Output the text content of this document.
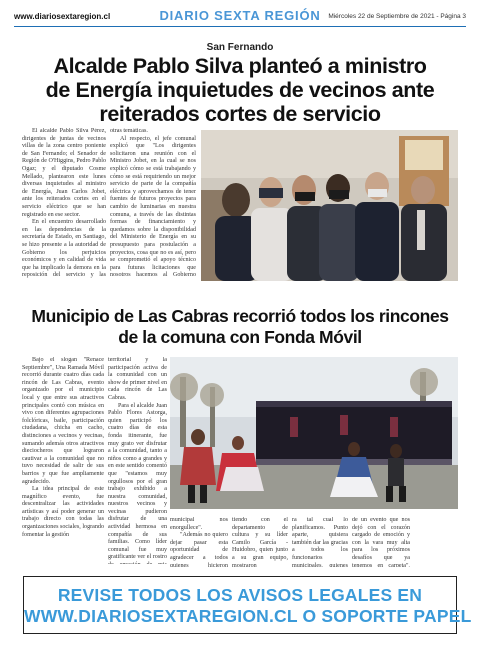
www.diariosextaregion.cl	DIARIO SEXTA REGIÓN	Miércoles 22 de Septiembre de 2021 - Página 3
San Fernando
Alcalde Pablo Silva planteó a ministro
de Energía inquietudes de vecinos ante
reiterados cortes de servicio

El alcalde Pablo Silva Pérez, dirigentes de juntas de vecinos villas de la zona centro poniente de San Fernando; el Senador de Región de O'Higgins, Pedro Pablo Ogaz; y el diputado Cosme Mellado, plantearon este lunes diversas inquietudes al ministro de Energía, Juan Carlos Jobet, ante los reiterados cortes en el servicio eléctrico que se han registrado en ese sector.

En el encuentro desarrollado en las dependencias de la secretaría de Estado, en Santiago, se hizo presente a la autoridad de Gobierno los perjuicios económicos y en calidad de vida que ha implicado la demora en la reposición del servicio y las

otras temáticas.

Al respecto, el jefe comunal explicó que "Los dirigentes solicitaron una reunión con el Ministro Jobet, en la cual se nos explicó cómo se está trabajando y cómo se está requiriendo un mejor servicio de parte de la compañía eléctrica y aprovechamos de tener fuentes de futuros proyectos para cambio de luminarias en nuestra comuna, a través de las distintas formas de financiamiento y quedamos sobre la disponibilidad del Ministerio de Energía en su presupuesto para postulación a proyectos, cosa que no es así, pero se comprometió el apoyo técnico para futuras licitaciones que nosotros hacemos al Gobierno

Municipio de Las Cabras recorrió todos los rincones
de la comuna con Fonda Móvil

Bajo el slogan "Renace Septiembre", Una Ramada Móvil recorrió durante cuatro días cada rincón de Las Cabras, evento organizado por el municipio local y que entre sus atractivos principales contó con música en vivo con diferentes agrupaciones folclóricas, baile, participación ciudadana, chicha en cacho, distinciones a vecinos y vecinas, sumando además otros atractivos dieciocheros que lograron cautivar a la comunidad que no tuvo necesidad de salir de sus barrios y que fue ampliamente agradecido.

La idea principal de este magnífico evento, fue descentralizar las actividades artísticas y así poder generar un trabajo directo con todas las organizaciones sociales, logrando fomentar la gestión

territorial y la participación activa de la comunidad con un show de primer nivel en cada rincón de Las Cabras.

Para el alcalde Juan Pablo Flores Astorga, quien participó los cuatro días de esta fonda itinerante, fue muy grato ver disfrutar a la comunidad, tanto a niños como a grandes y en este sentido comentó que "estamos muy orgullosos por el gran trabajo exhibido a nuestra comunidad, nuestros vecinos y vecinas pudieron disfrutar de una actividad hermosa en compañía de sus familias. Como líder comunal fue muy gratificante ver el rostro

municipal nos enorgullece".

"Además no quiero dejar pasar esta oportunidad de agradecer a todos quienes hicieron

tiendo con el departamento de cultura y su líder Camilo García -Huidobro, quien junto a su gran equipo, mostraron

ra tal cual lo planificamos. Punto aparte, quisiera también dar las gracias a todos los funcionarios municipales, quienes

de un evento que nos dejó con el corazón cargado de emoción y con la vara muy alta para los próximos desafíos que ya tenemos en carpeta",

REVISE TODOS LOS AVISOS LEGALES EN
WWW.DIARIOSEXTAREGION.CL O SOPORTE PAPEL
